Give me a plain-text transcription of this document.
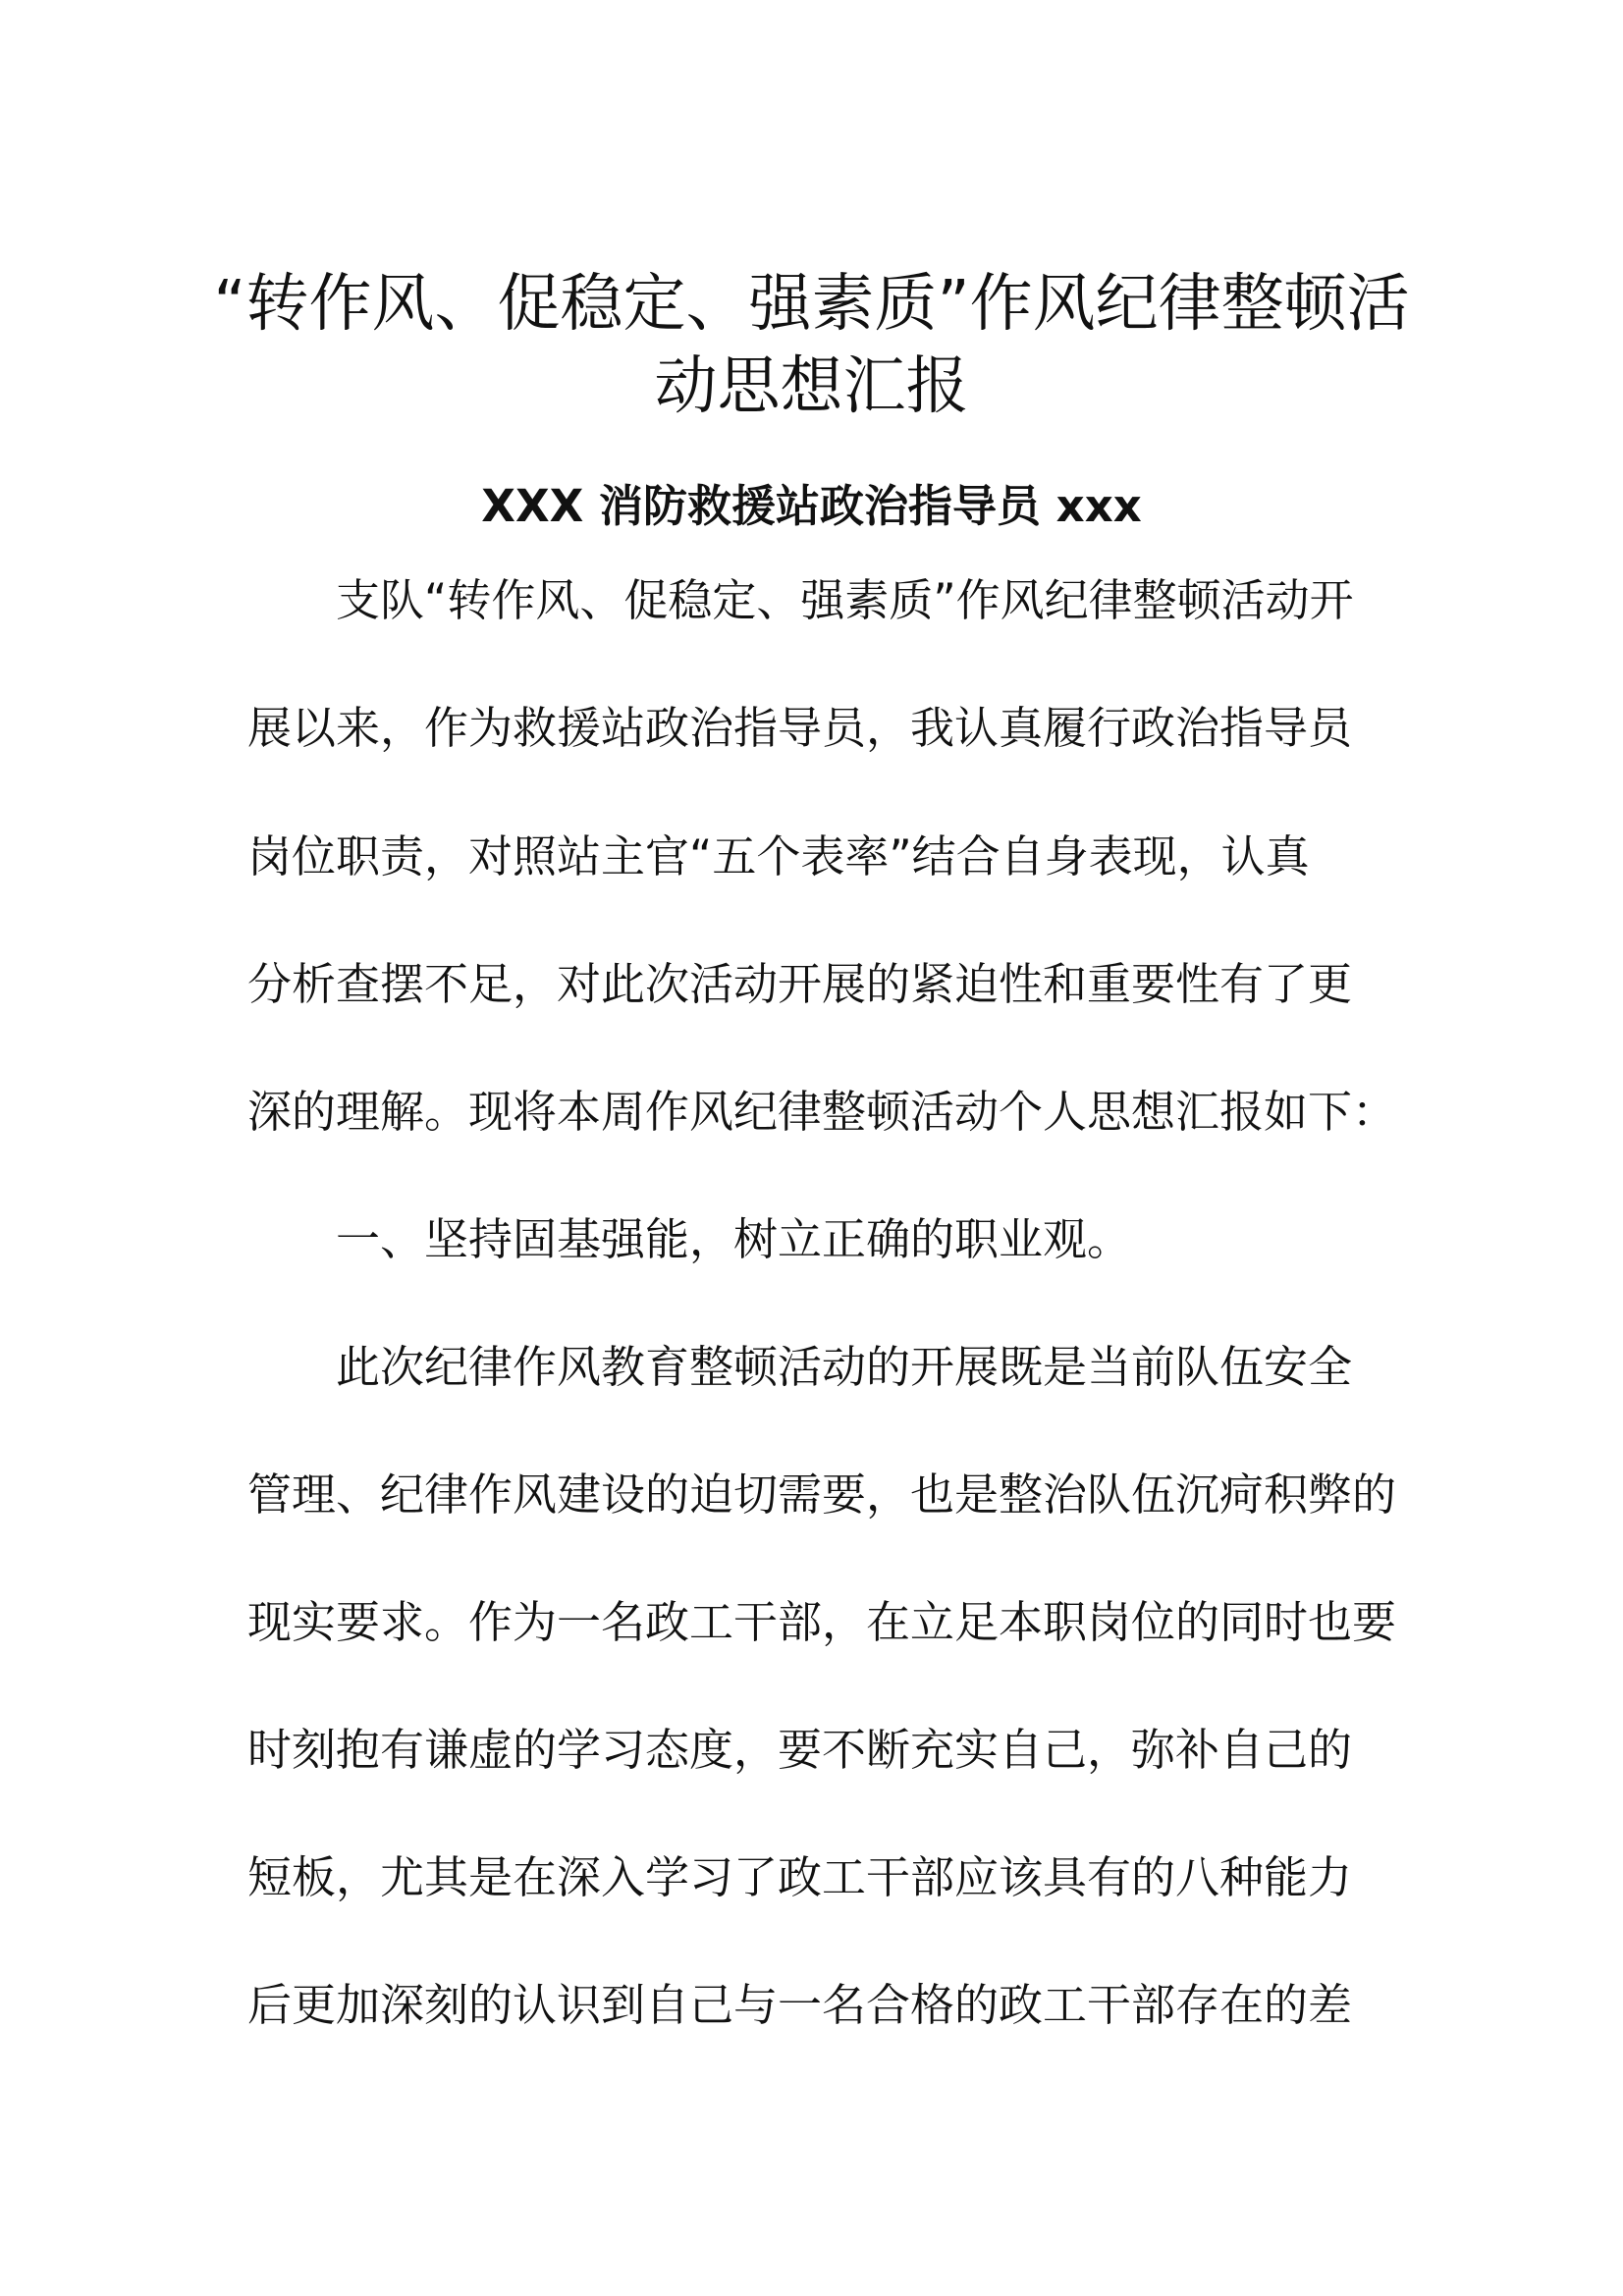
“转作风、促稳定、强素质”作风纪律整顿活
动思想汇报

XXX 消防救援站政治指导员 xxx

支队“转作风、促稳定、强素质”作风纪律整顿活动开

展以来，作为救援站政治指导员，我认真履行政治指导员

岗位职责，对照站主官“五个表率”结合自身表现，认真

分析查摆不足，对此次活动开展的紧迫性和重要性有了更

深的理解。现将本周作风纪律整顿活动个人思想汇报如下：

一、坚持固基强能，树立正确的职业观。

此次纪律作风教育整顿活动的开展既是当前队伍安全

管理、纪律作风建设的迫切需要，也是整治队伍沉疴积弊的

现实要求。作为一名政工干部，在立足本职岗位的同时也要

时刻抱有谦虚的学习态度，要不断充实自己，弥补自己的

短板，尤其是在深入学习了政工干部应该具有的八种能力

后更加深刻的认识到自己与一名合格的政工干部存在的差
